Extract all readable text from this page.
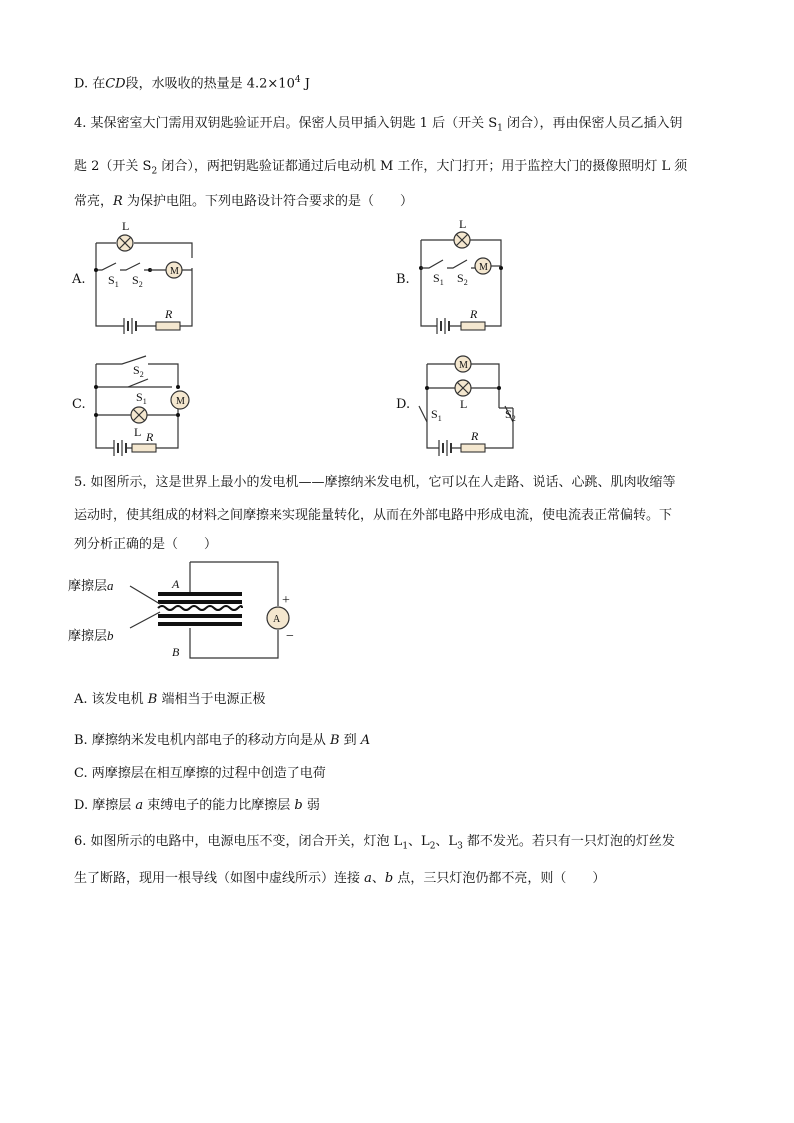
D. 在CD段，水吸收的热量是 $4.2\times 10^4$ J
4. 某保密室大门需用双钥匙验证开启。保密人员甲插入钥匙 1 后（开关 $S_1$ 闭合），再由保密人员乙插入钥
匙 2（开关 $S_2$ 闭合），两把钥匙验证都通过后电动机 M 工作，大门打开；用于监控大门的摄像照明灯 L 须
常亮，R 为保护电阻。下列电路设计符合要求的是（　　）
A.	B.
C.	D.
L
M
$S_1$ $S_2$
R
L
M
$S_1$ $S_2$
R
M
$S_2$
$S_1$
L R
M
L
$S_1$	$S_2$
R
5. 如图所示，这是世界上最小的发电机——摩擦纳米发电机，它可以在人走路、说话、心跳、肌肉收缩等
运动时，使其组成的材料之间摩擦来实现能量转化，从而在外部电路中形成电流，使电流表正常偏转。下
列分析正确的是（　　）
摩擦层a
摩擦层b
A
B
A
+
−
A. 该发电机 B 端相当于电源正极
B. 摩擦纳米发电机内部电子的移动方向是从 B 到 A
C. 两摩擦层在相互摩擦的过程中创造了电荷
D. 摩擦层 a 束缚电子的能力比摩擦层 b 弱
6. 如图所示的电路中，电源电压不变，闭合开关，灯泡 $L_1$、$L_2$、$L_3$ 都不发光。若只有一只灯泡的灯丝发
生了断路，现用一根导线（如图中虚线所示）连接 a、b 点，三只灯泡仍都不亮，则（　　）
